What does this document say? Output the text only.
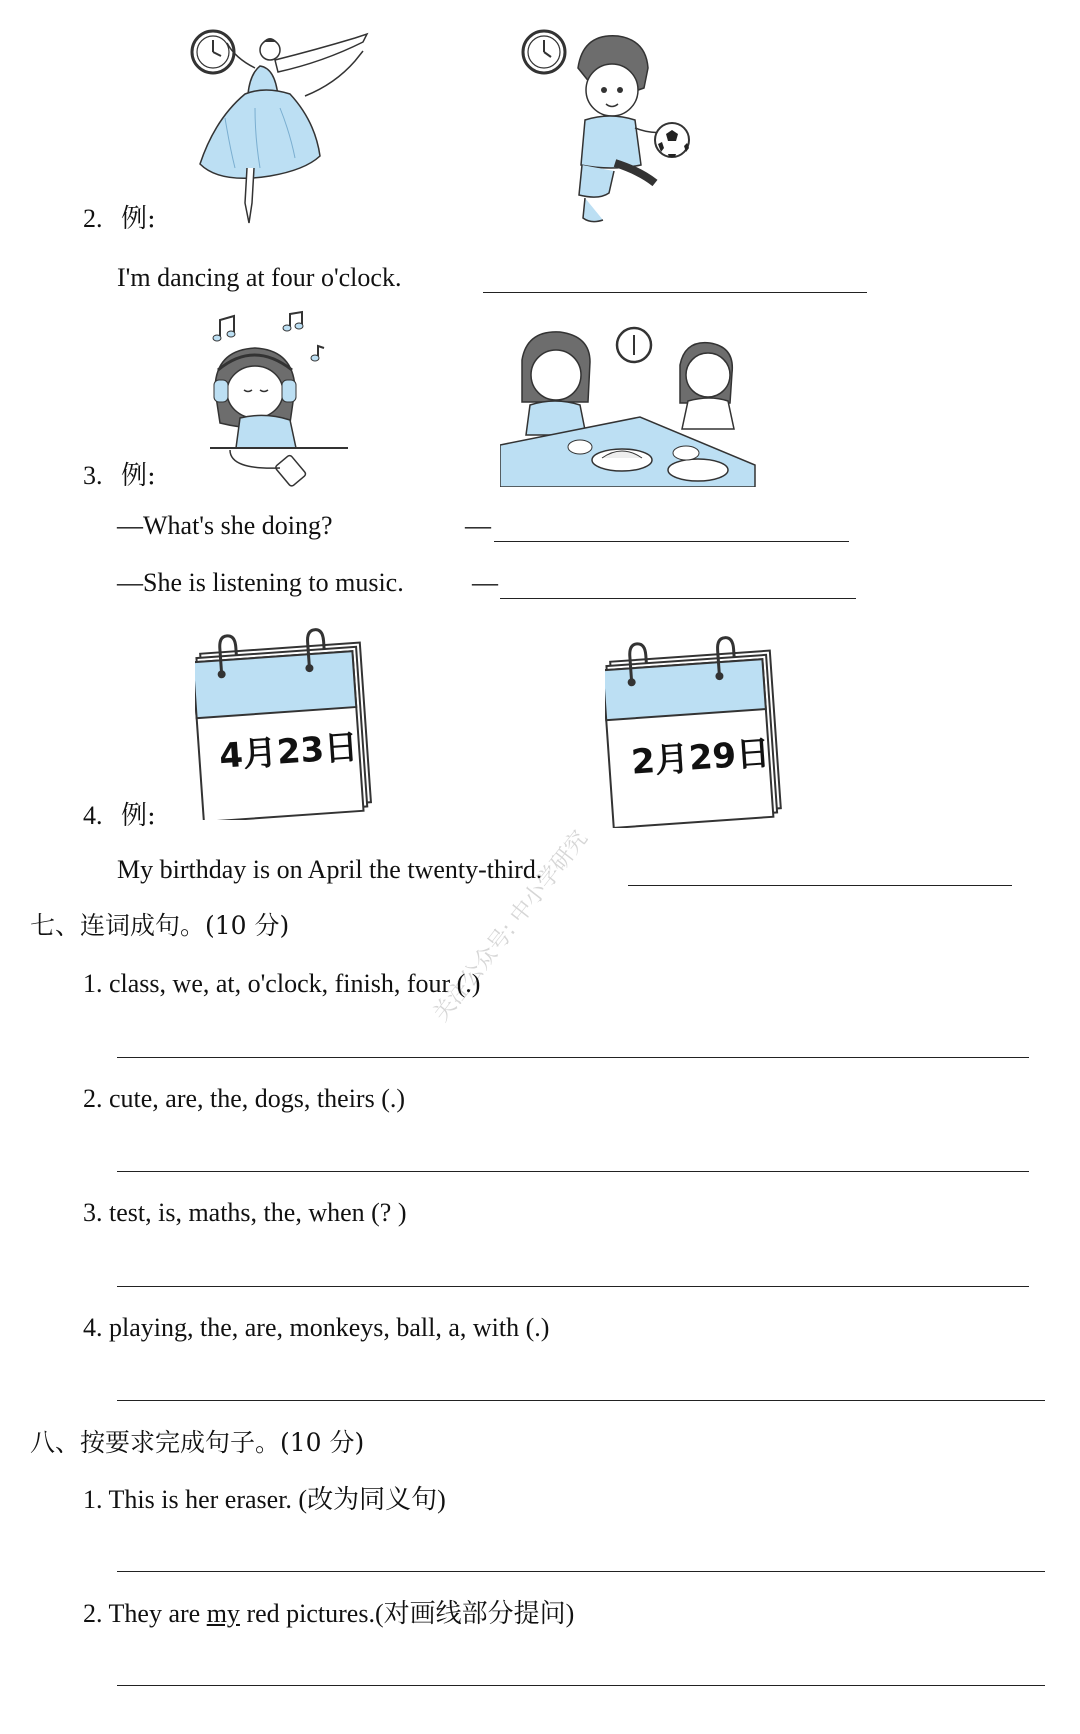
2. 例:
I'm dancing at four o'clock.
3. 例:
—What's she doing?	—
—She is listening to music.	—
4月23日	2月29日
4. 例:
My birthday is on April the twenty-third.
关注公众号: 中小学研究
七、连词成句。(10 分)
1. class, we, at, o'clock, finish, four (.)
2. cute, are, the, dogs, theirs (.)
3. test, is, maths, the, when (? )
4. playing, the, are, monkeys, ball, a, with (.)
八、按要求完成句子。(10 分)
1. This is her eraser. (改为同义句)
2. They are my red pictures.(对画线部分提问)
